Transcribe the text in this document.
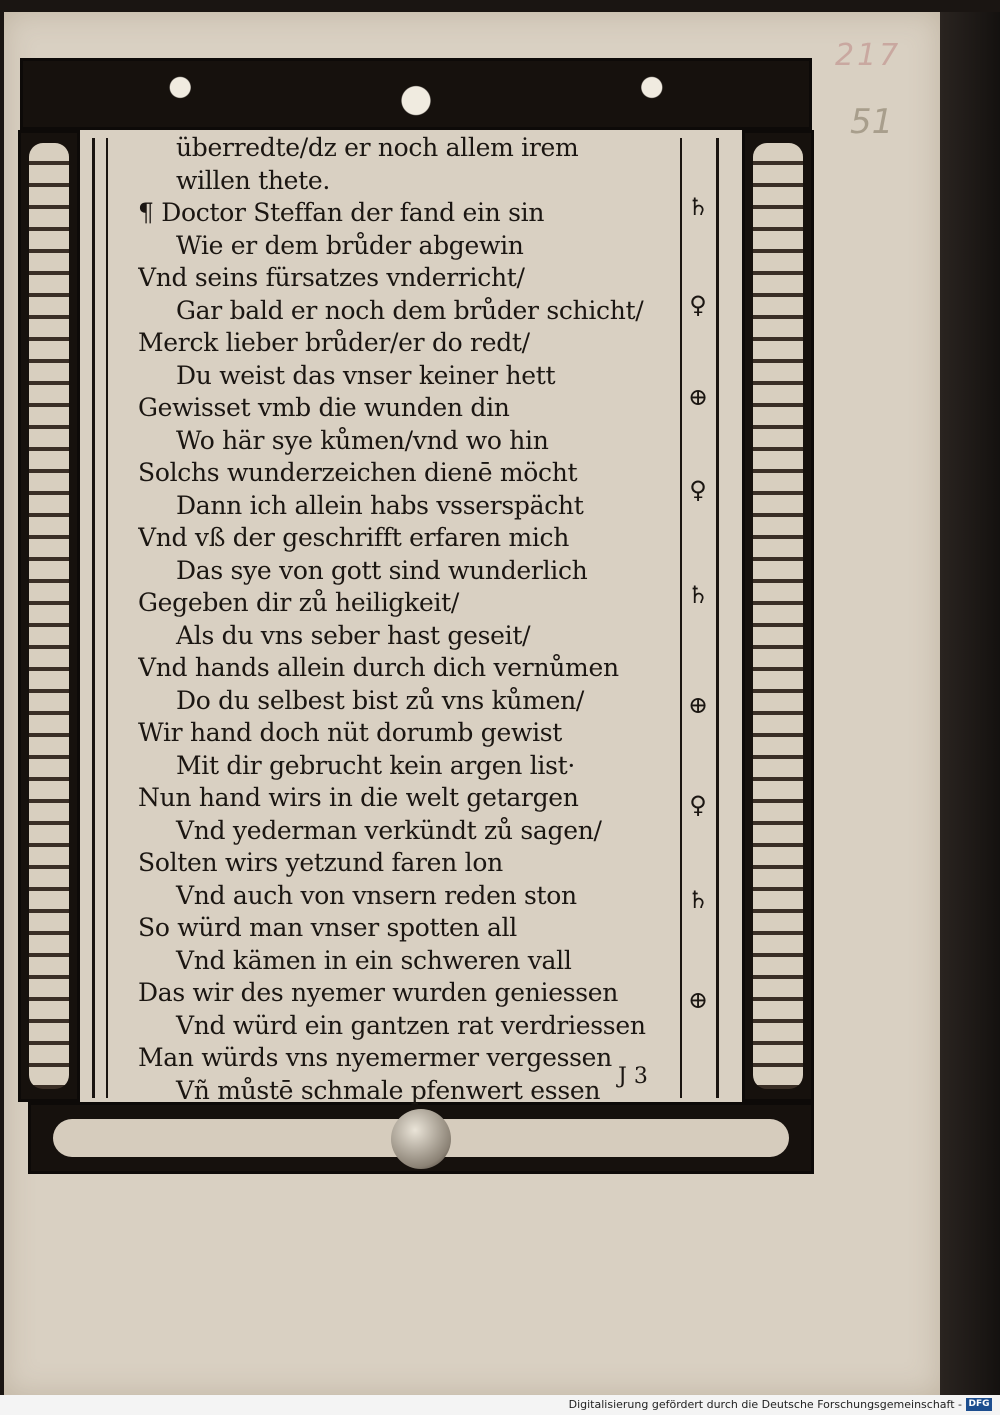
217
51
überredte/dz er noch allem irem
willen thete.
¶ Doctor Steffan der fand ein sin
Wie er dem brůder abgewin
Vnd seins fürsatzes vnderricht/
Gar bald er noch dem brůder schicht/
Merck lieber brůder/er do redt/
Du weist das vnser keiner hett
Gewisset vmb die wunden din
Wo här sye kůmen/vnd wo hin
Solchs wunderzeichen dienē möcht
Dann ich allein habs vsserspächt
Vnd vß der geschrifft erfaren mich
Das sye von gott sind wunderlich
Gegeben dir zů heiligkeit/
Als du vns seber hast geseit/
Vnd hands allein durch dich vernůmen
Do du selbest bist zů vns kůmen/
Wir hand doch nüt dorumb gewist
Mit dir gebrucht kein argen list·
Nun hand wirs in die welt getargen
Vnd yederman verkündt zů sagen/
Solten wirs yetzund faren lon
Vnd auch von vnsern reden ston
So würd man vnser spotten all
Vnd kämen in ein schweren vall
Das wir des nyemer wurden geniessen
Vnd würd ein gantzen rat verdriessen
Man würds vns nyemermer vergessen
Vñ můstē schmale pfenwert essen
♄
♀
⊕
♀
♄
⊕
♀
♄
⊕
J 3
Digitalisierung gefördert durch die Deutsche Forschungsgemeinschaft - DFG
